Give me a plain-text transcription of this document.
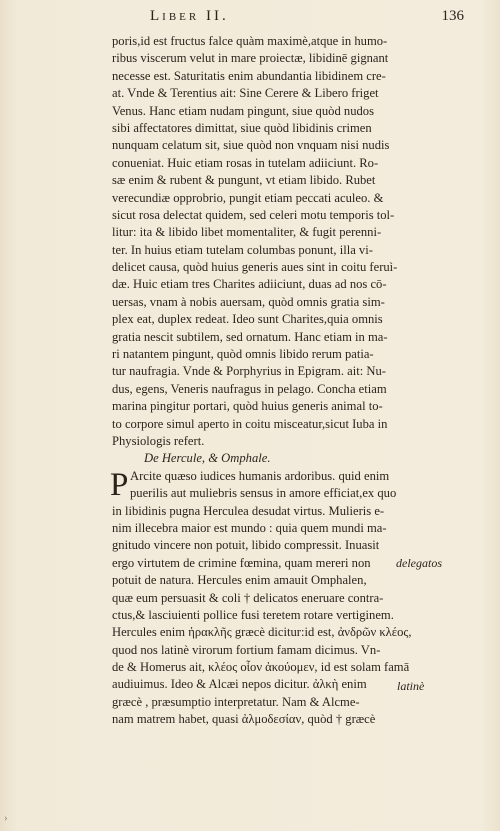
Liber II.	136
poris,id est fructus falce quàm maximè,atque in humo-
ribus viscerum velut in mare proiectæ, libidinē gignant
necesse est. Saturitatis enim abundantia libidinem cre-
at. Vnde & Terentius ait: Sine Cerere & Libero friget
Venus. Hanc etiam nudam pingunt, siue quòd nudos
sibi affectatores dimittat, siue quòd libidinis crimen
nunquam celatum sit, siue quòd non vnquam nisi nudis
conueniat. Huic etiam rosas in tutelam adiiciunt. Ro-
sæ enim & rubent & pungunt, vt etiam libido. Rubet
verecundiæ opprobrio, pungit etiam peccati aculeo. &
sicut rosa delectat quidem, sed celeri motu temporis tol-
litur: ita & libido libet momentaliter, & fugit perenni-
ter. In huius etiam tutelam columbas ponunt, illa vi-
delicet causa, quòd huius generis aues sint in coitu feruì-
dæ. Huic etiam tres Charites adiiciunt, duas ad nos cō-
uersas, vnam à nobis auersam, quòd omnis gratia sim-
plex eat, duplex redeat. Ideo sunt Charites,quia omnis
gratia nescit subtilem, sed ornatum. Hanc etiam in ma-
ri natantem pingunt, quòd omnis libido rerum patia-
tur naufragia. Vnde & Porphyrius in Epigram. ait: Nu-
dus, egens, Veneris naufragus in pelago. Concha etiam
marina pingitur portari, quòd huius generis animal to-
to corpore simul aperto in coitu misceatur,sicut Iuba in
Physiologis refert.
De Hercule, & Omphale.
P Arcite quæso iudices humanis ardoribus. quid enim
puerilis aut muliebris sensus in amore efficiat,ex quo
in libidinis pugna Herculea desudat virtus. Mulieris e-
nim illecebra maior est mundo : quia quem mundi ma-
gnitudo vincere non potuit, libido compressit. Inuasit
ergo virtutem de crimine fœmina, quam mereri non
potuit de natura. Hercules enim amauit Omphalen,
quæ eum persuasit & coli † delicatos eneruare contra-
ctus,& lasciuienti pollice fusi teretem rotare vertiginem.
Hercules enim ἡρακλῆς græcè dicitur:id est, ἀνδρῶν κλέος,
quod nos latinè virorum fortium famam dicimus. Vn-
de & Homerus ait, κλέος οἷον ἀκούομεν, id est solam famā
audiuimus. Ideo & Alcæi nepos dicitur. ἀλκὴ enim
græcè , præsumptio interpretatur. Nam & Alcme-
nam matrem habet, quasi ἀλμοδεσίαν, quòd † græcè
delegatos
latinè
›
